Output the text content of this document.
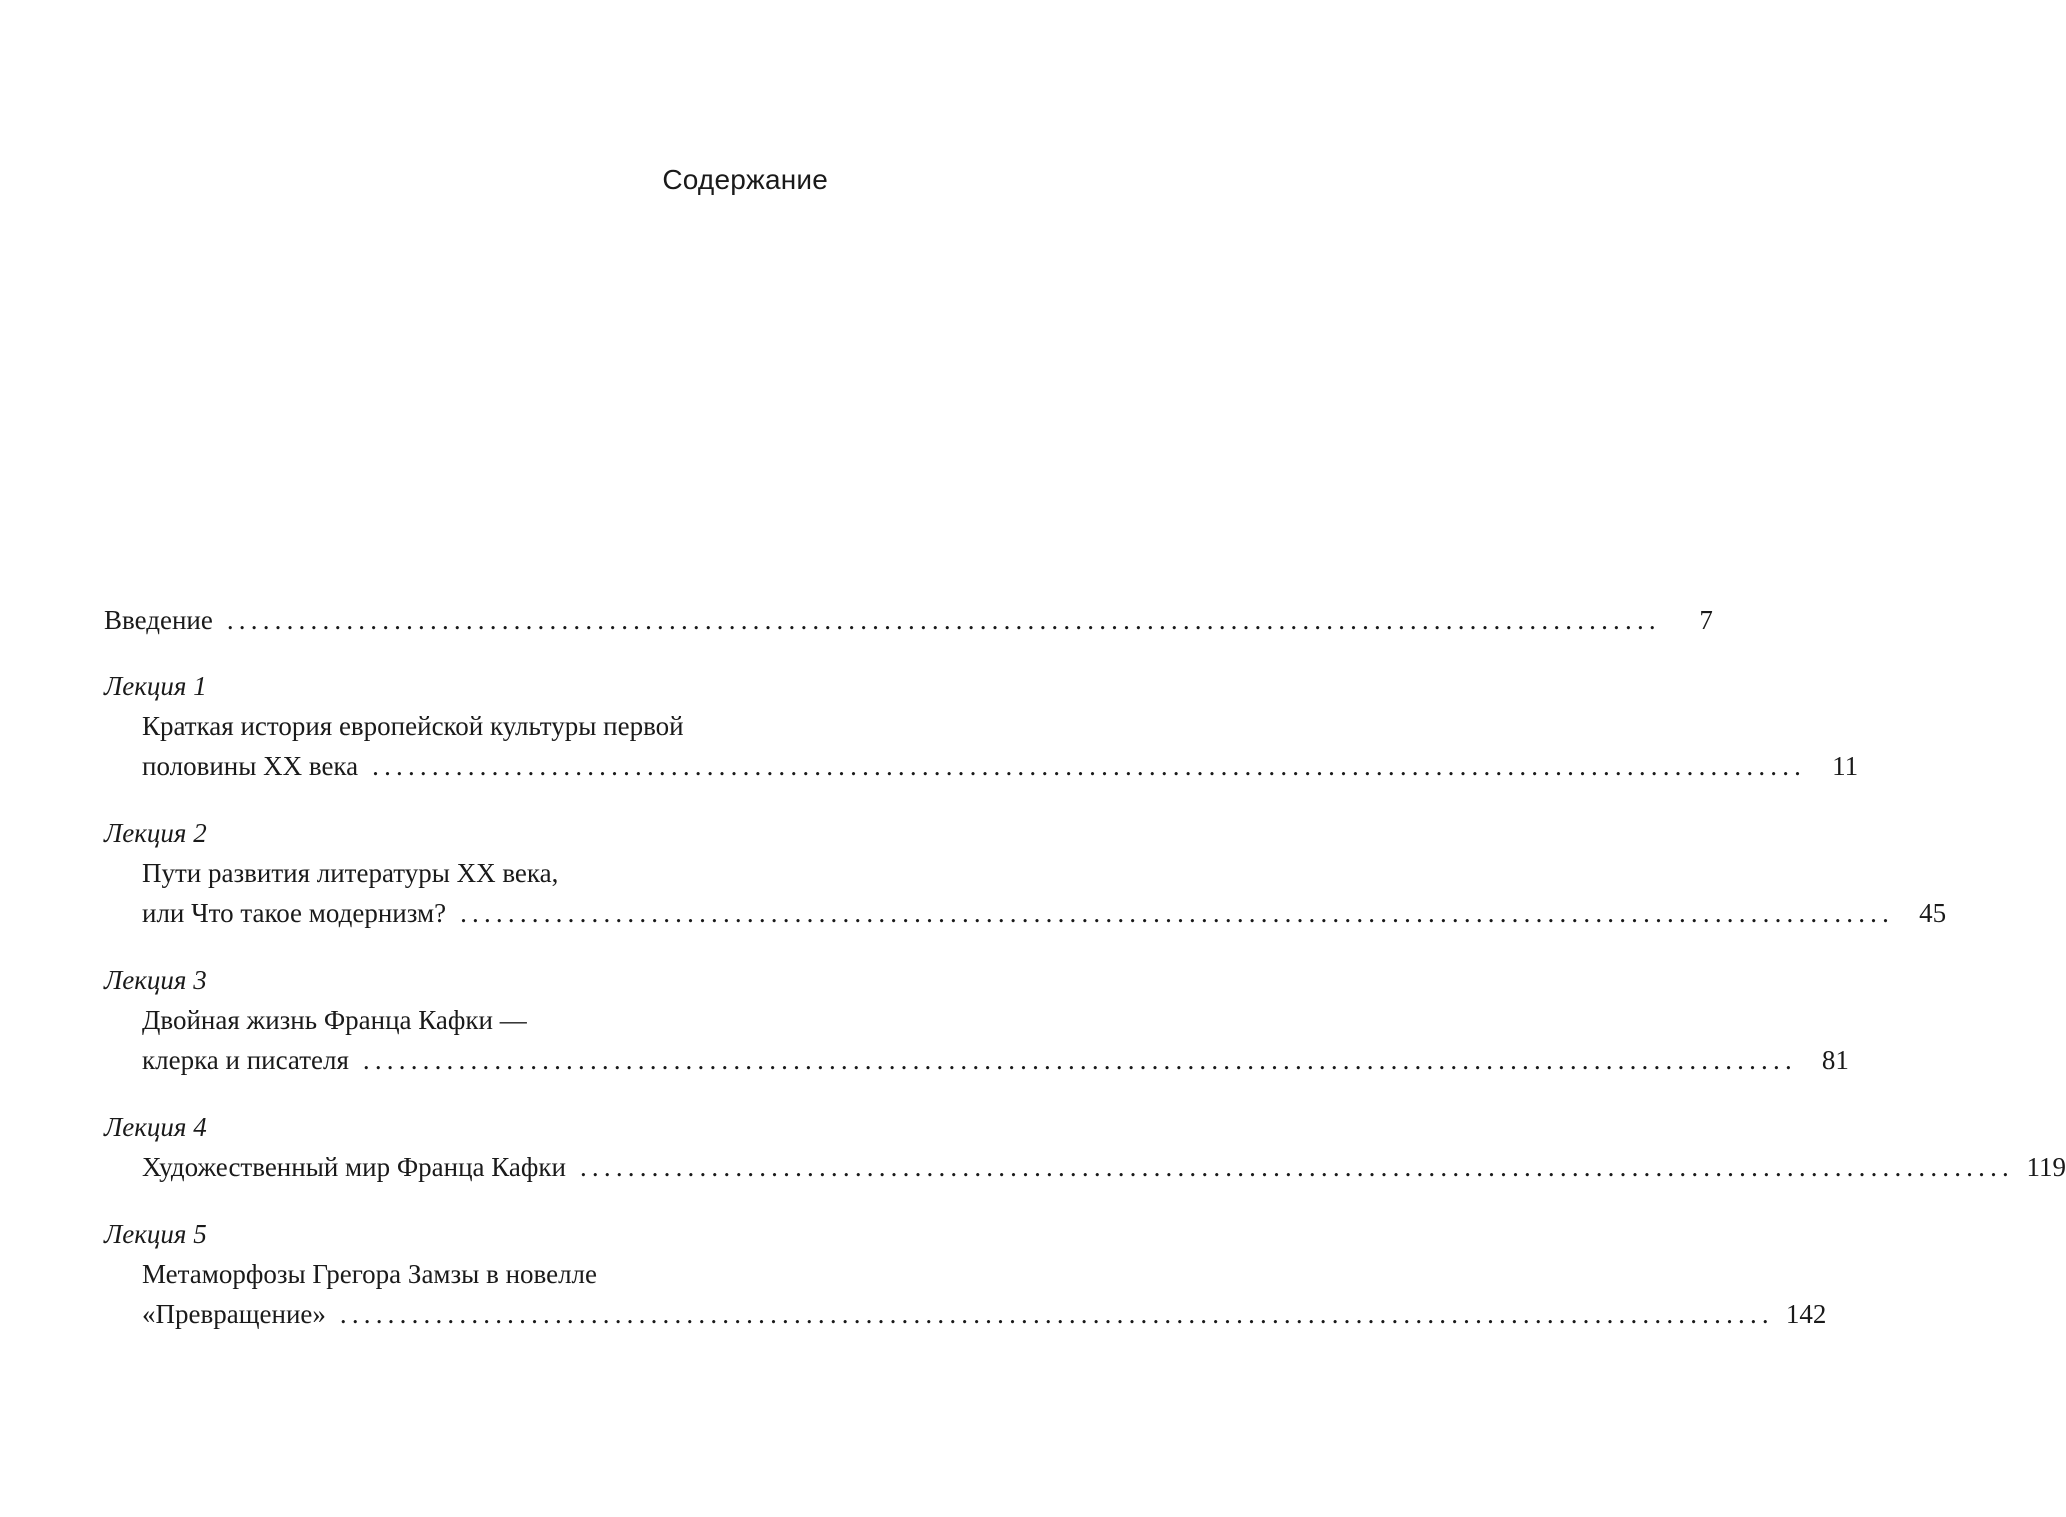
Содержание
Введение ........................................................................................................................	7
Лекция 1
Краткая история европейской культуры первой
половины XX века ........................................................................................................................ 11
Лекция 2
Пути развития литературы XX века,
или Что такое модернизм? ........................................................................................................................ 45
Лекция 3
Двойная жизнь Франца Кафки —
клерка и писателя ........................................................................................................................ 81
Лекция 4
Художественный мир Франца Кафки ........................................................................................................................ 119
Лекция 5
Метаморфозы Грегора Замзы в новелле
«Превращение» ........................................................................................................................ 142
